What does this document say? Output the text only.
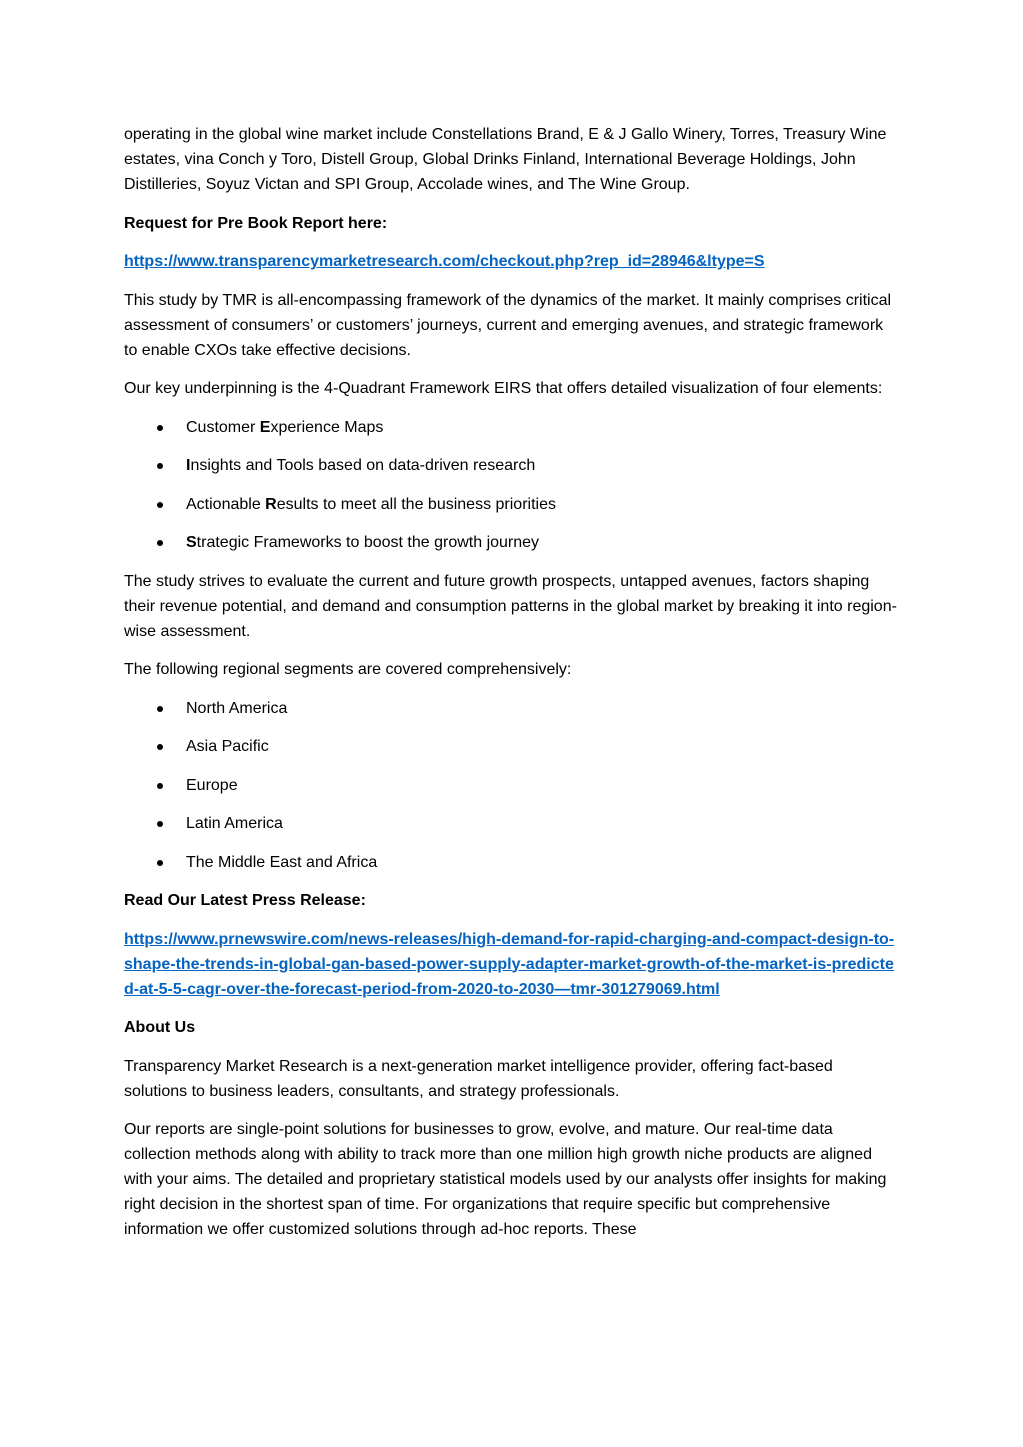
operating in the global wine market include Constellations Brand, E & J Gallo Winery, Torres, Treasury Wine estates, vina Conch y Toro, Distell Group, Global Drinks Finland, International Beverage Holdings, John Distilleries, Soyuz Victan and SPI Group, Accolade wines, and The Wine Group.

Request for Pre Book Report here:

https://www.transparencymarketresearch.com/checkout.php?rep_id=28946&ltype=S

This study by TMR is all-encompassing framework of the dynamics of the market. It mainly comprises critical assessment of consumers’ or customers’ journeys, current and emerging avenues, and strategic framework to enable CXOs take effective decisions.

Our key underpinning is the 4-Quadrant Framework EIRS that offers detailed visualization of four elements:

Customer Experience Maps
Insights and Tools based on data-driven research
Actionable Results to meet all the business priorities
Strategic Frameworks to boost the growth journey

The study strives to evaluate the current and future growth prospects, untapped avenues, factors shaping their revenue potential, and demand and consumption patterns in the global market by breaking it into region-wise assessment.

The following regional segments are covered comprehensively:

North America
Asia Pacific
Europe
Latin America
The Middle East and Africa

Read Our Latest Press Release:

https://www.prnewswire.com/news-releases/high-demand-for-rapid-charging-and-compact-design-to-shape-the-trends-in-global-gan-based-power-supply-adapter-market-growth-of-the-market-is-predicted-at-5-5-cagr-over-the-forecast-period-from-2020-to-2030—tmr-301279069.html

About Us

Transparency Market Research is a next-generation market intelligence provider, offering fact-based solutions to business leaders, consultants, and strategy professionals.

Our reports are single-point solutions for businesses to grow, evolve, and mature. Our real-time data collection methods along with ability to track more than one million high growth niche products are aligned with your aims. The detailed and proprietary statistical models used by our analysts offer insights for making right decision in the shortest span of time. For organizations that require specific but comprehensive information we offer customized solutions through ad-hoc reports. These
